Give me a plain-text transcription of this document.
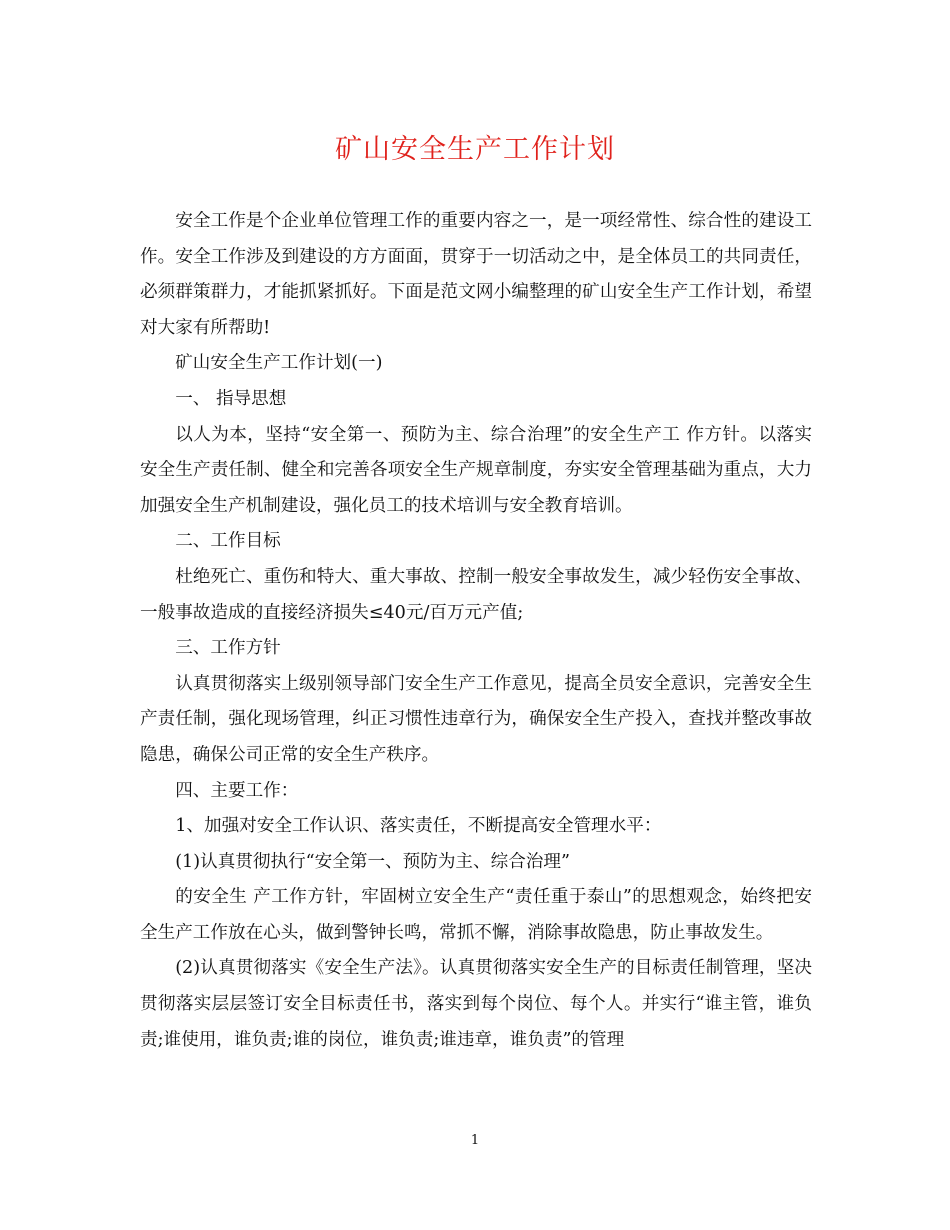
矿山安全生产工作计划

安全工作是个企业单位管理工作的重要内容之一，是一项经常性、综合性的建设工作。安全工作涉及到建设的方方面面，贯穿于一切活动之中，是全体员工的共同责任，必须群策群力，才能抓紧抓好。下面是范文网小编整理的矿山安全生产工作计划，希望对大家有所帮助!

矿山安全生产工作计划(一)

一、 指导思想

以人为本，坚持“安全第一、预防为主、综合治理”的安全生产工 作方针。以落实安全生产责任制、健全和完善各项安全生产规章制度，夯实安全管理基础为重点，大力加强安全生产机制建设，强化员工的技术培训与安全教育培训。

二、工作目标

杜绝死亡、重伤和特大、重大事故、控制一般安全事故发生，减少轻伤安全事故、一般事故造成的直接经济损失≤40元/百万元产值;

三、工作方针

认真贯彻落实上级别领导部门安全生产工作意见，提高全员安全意识，完善安全生产责任制，强化现场管理，纠正习惯性违章行为，确保安全生产投入，查找并整改事故隐患，确保公司正常的安全生产秩序。

四、主要工作：

1、加强对安全工作认识、落实责任，不断提高安全管理水平：

(1)认真贯彻执行“安全第一、预防为主、综合治理”

的安全生 产工作方针，牢固树立安全生产“责任重于泰山”的思想观念，始终把安全生产工作放在心头，做到警钟长鸣，常抓不懈，消除事故隐患，防止事故发生。

(2)认真贯彻落实《安全生产法》。认真贯彻落实安全生产的目标责任制管理，坚决贯彻落实层层签订安全目标责任书，落实到每个岗位、每个人。并实行“谁主管，谁负责;谁使用，谁负责;谁的岗位，谁负责;谁违章，谁负责”的管理

1
